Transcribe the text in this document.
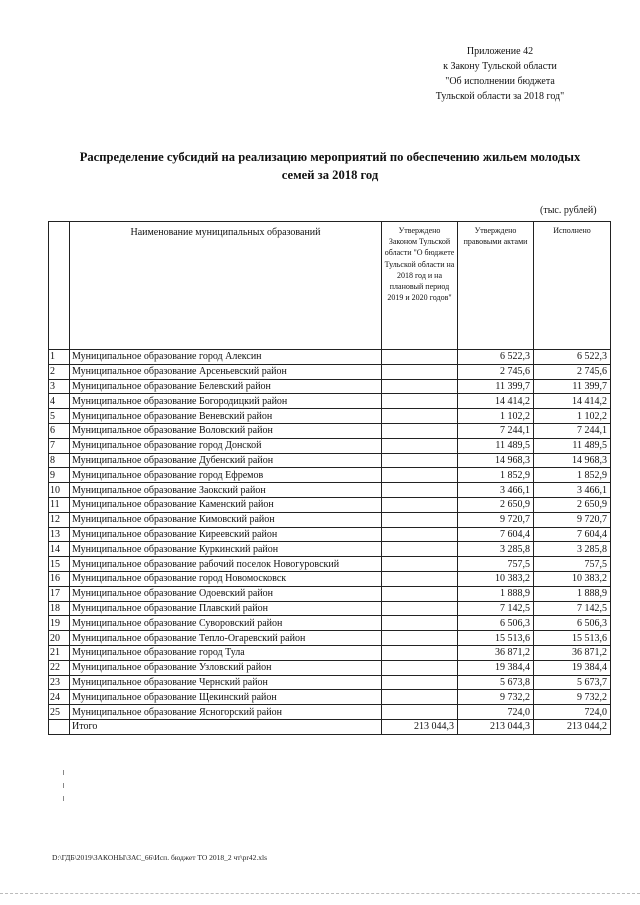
Приложение 42
к Закону Тульской области
"Об исполнении бюджета
Тульской области за 2018 год"
Распределение субсидий на реализацию мероприятий по обеспечению жильем молодых
семей за 2018 год
(тыс. рублей)
	Наименование муниципальных образований	Утверждено Законом Тульской области "О бюджете Тульской области на 2018 год и на плановый период 2019 и 2020 годов"	Утверждено правовыми актами	Исполнено
1	Муниципальное образование город Алексин		6 522,3	6 522,3
2	Муниципальное образование Арсеньевский район		2 745,6	2 745,6
3	Муниципальное образование Белевский район		11 399,7	11 399,7
4	Муниципальное образование Богородицкий район		14 414,2	14 414,2
5	Муниципальное образование Веневский район		1 102,2	1 102,2
6	Муниципальное образование Воловский район		7 244,1	7 244,1
7	Муниципальное образование город Донской		11 489,5	11 489,5
8	Муниципальное образование Дубенский район		14 968,3	14 968,3
9	Муниципальное образование город Ефремов		1 852,9	1 852,9
10	Муниципальное образование Заокский район		3 466,1	3 466,1
11	Муниципальное образование Каменский район		2 650,9	2 650,9
12	Муниципальное образование Кимовский район		9 720,7	9 720,7
13	Муниципальное образование Киреевский район		7 604,4	7 604,4
14	Муниципальное образование Куркинский район		3 285,8	3 285,8
15	Муниципальное образование рабочий поселок Новогуровский		757,5	757,5
16	Муниципальное образование город Новомосковск		10 383,2	10 383,2
17	Муниципальное образование Одоевский район		1 888,9	1 888,9
18	Муниципальное образование Плавский район		7 142,5	7 142,5
19	Муниципальное образование Суворовский район		6 506,3	6 506,3
20	Муниципальное образование Тепло-Огаревский район		15 513,6	15 513,6
21	Муниципальное образование город Тула		36 871,2	36 871,2
22	Муниципальное образование Узловский район		19 384,4	19 384,4
23	Муниципальное образование Чернский район		5 673,8	5 673,7
24	Муниципальное образование Щекинский район		9 732,2	9 732,2
25	Муниципальное образование Ясногорский район		724,0	724,0
	Итого	213 044,3	213 044,3	213 044,2
D:\ГДБ\2019\ЗАКОНЫ\ЗАС_66\Исп. бюджет ТО 2018_2 чт\pr42.xls
